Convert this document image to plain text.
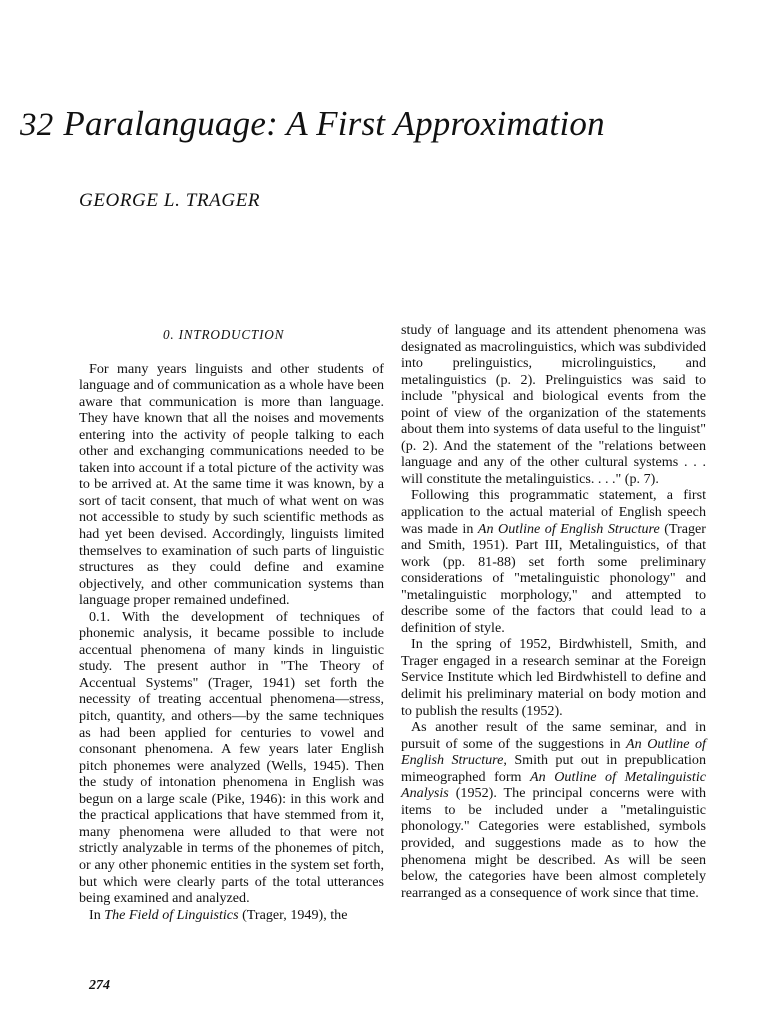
32 Paralanguage: A First Approximation
GEORGE L. TRAGER
0. INTRODUCTION

For many years linguists and other students of language and of communication as a whole have been aware that communication is more than language. They have known that all the noises and movements entering into the activity of people talking to each other and exchanging communications needed to be taken into account if a total picture of the activity was to be arrived at. At the same time it was known, by a sort of tacit consent, that much of what went on was not accessible to study by such scientific methods as had yet been devised. Accordingly, linguists limited themselves to examination of such parts of linguistic structures as they could define and examine objectively, and other communication systems than language proper remained undefined.

0.1. With the development of techniques of phonemic analysis, it became possible to include accentual phenomena of many kinds in linguistic study. The present author in "The Theory of Accentual Systems" (Trager, 1941) set forth the necessity of treating accentual phenomena—stress, pitch, quantity, and others—by the same techniques as had been applied for centuries to vowel and consonant phenomena. A few years later English pitch phonemes were analyzed (Wells, 1945). Then the study of intonation phenomena in English was begun on a large scale (Pike, 1946): in this work and the practical applications that have stemmed from it, many phenomena were alluded to that were not strictly analyzable in terms of the phonemes of pitch, or any other phonemic entities in the system set forth, but which were clearly parts of the total utterances being examined and analyzed.

In The Field of Linguistics (Trager, 1949), the

study of language and its attendent phenomena was designated as macrolinguistics, which was subdivided into prelinguistics, microlinguistics, and metalinguistics (p. 2). Prelinguistics was said to include "physical and biological events from the point of view of the organization of the statements about them into systems of data useful to the linguist" (p. 2). And the statement of the "relations between language and any of the other cultural systems . . . will constitute the metalinguistics. . . ." (p. 7).

Following this programmatic statement, a first application to the actual material of English speech was made in An Outline of English Structure (Trager and Smith, 1951). Part III, Metalinguistics, of that work (pp. 81-88) set forth some preliminary considerations of "metalinguistic phonology" and "metalinguistic morphology," and attempted to describe some of the factors that could lead to a definition of style.

In the spring of 1952, Birdwhistell, Smith, and Trager engaged in a research seminar at the Foreign Service Institute which led Birdwhistell to define and delimit his preliminary material on body motion and to publish the results (1952).

As another result of the same seminar, and in pursuit of some of the suggestions in An Outline of English Structure, Smith put out in prepublication mimeographed form An Outline of Metalinguistic Analysis (1952). The principal concerns were with items to be included under a "metalinguistic phonology." Categories were established, symbols provided, and suggestions made as to how the phenomena might be described. As will be seen below, the categories have been almost completely rearranged as a consequence of work since that time.

274
